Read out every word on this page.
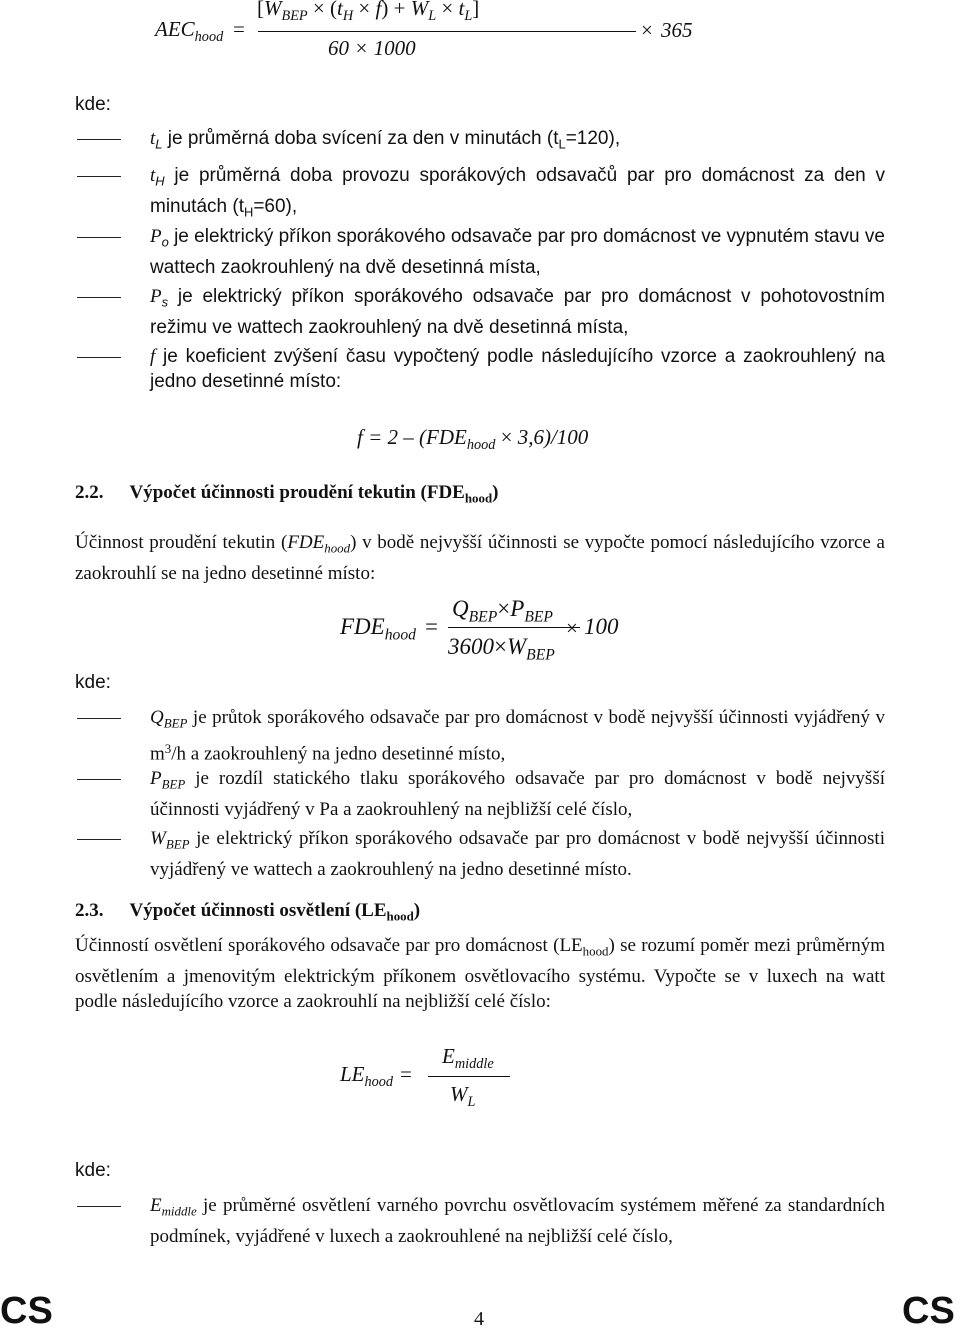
$AEC_{hood}$ =
$[W_{BEP} \times (t_H \times f) + W_L \times t_L]$
60 × 1000
× 365
kde:
$t_L$ je průměrná doba svícení za den v minutách $(t_L=120)$,
$t_H$ je průměrná doba provozu sporákových odsavačů par pro domácnost za den v minutách $(t_H=60)$,
$P_o$ je elektrický příkon sporákového odsavače par pro domácnost ve vypnutém stavu ve wattech zaokrouhlený na dvě desetinná místa,
$P_s$ je elektrický příkon sporákového odsavače par pro domácnost v pohotovostním režimu ve wattech zaokrouhlený na dvě desetinná místa,
f je koeficient zvýšení času vypočtený podle následujícího vzorce a zaokrouhlený na jedno desetinné místo:
$f = 2 - (FDE_{hood} \times 3,6)/100$
2.2. Výpočet účinnosti proudění tekutin $(FDE_{hood})$
Účinnost proudění tekutin $(FDE_{hood})$ v bodě nejvyšší účinnosti se vypočte pomocí následujícího vzorce a zaokrouhlí se na jedno desetinné místo:
$FDE_{hood}$ =
$Q_{BEP}\times P_{BEP}$
$3600\times W_{BEP}$
× 100
kde:
$Q_{BEP}$ je průtok sporákového odsavače par pro domácnost v bodě nejvyšší účinnosti vyjádřený v $m^3/h$ a zaokrouhlený na jedno desetinné místo,
$P_{BEP}$ je rozdíl statického tlaku sporákového odsavače par pro domácnost v bodě nejvyšší účinnosti vyjádřený v Pa a zaokrouhlený na nejbližší celé číslo,
$W_{BEP}$ je elektrický příkon sporákového odsavače par pro domácnost v bodě nejvyšší účinnosti vyjádřený ve wattech a zaokrouhlený na jedno desetinné místo.
2.3. Výpočet účinnosti osvětlení $(LE_{hood})$
Účinností osvětlení sporákového odsavače par pro domácnost $(LE_{hood})$ se rozumí poměr mezi průměrným osvětlením a jmenovitým elektrickým příkonem osvětlovacího systému. Vypočte se v luxech na watt podle následujícího vzorce a zaokrouhlí na nejbližší celé číslo:
$LE_{hood}$ =
$E_{middle}$
$W_L$
kde:
$E_{middle}$ je průměrné osvětlení varného povrchu osvětlovacím systémem měřené za standardních podmínek, vyjádřené v luxech a zaokrouhlené na nejbližší celé číslo,
CS	4	CS
